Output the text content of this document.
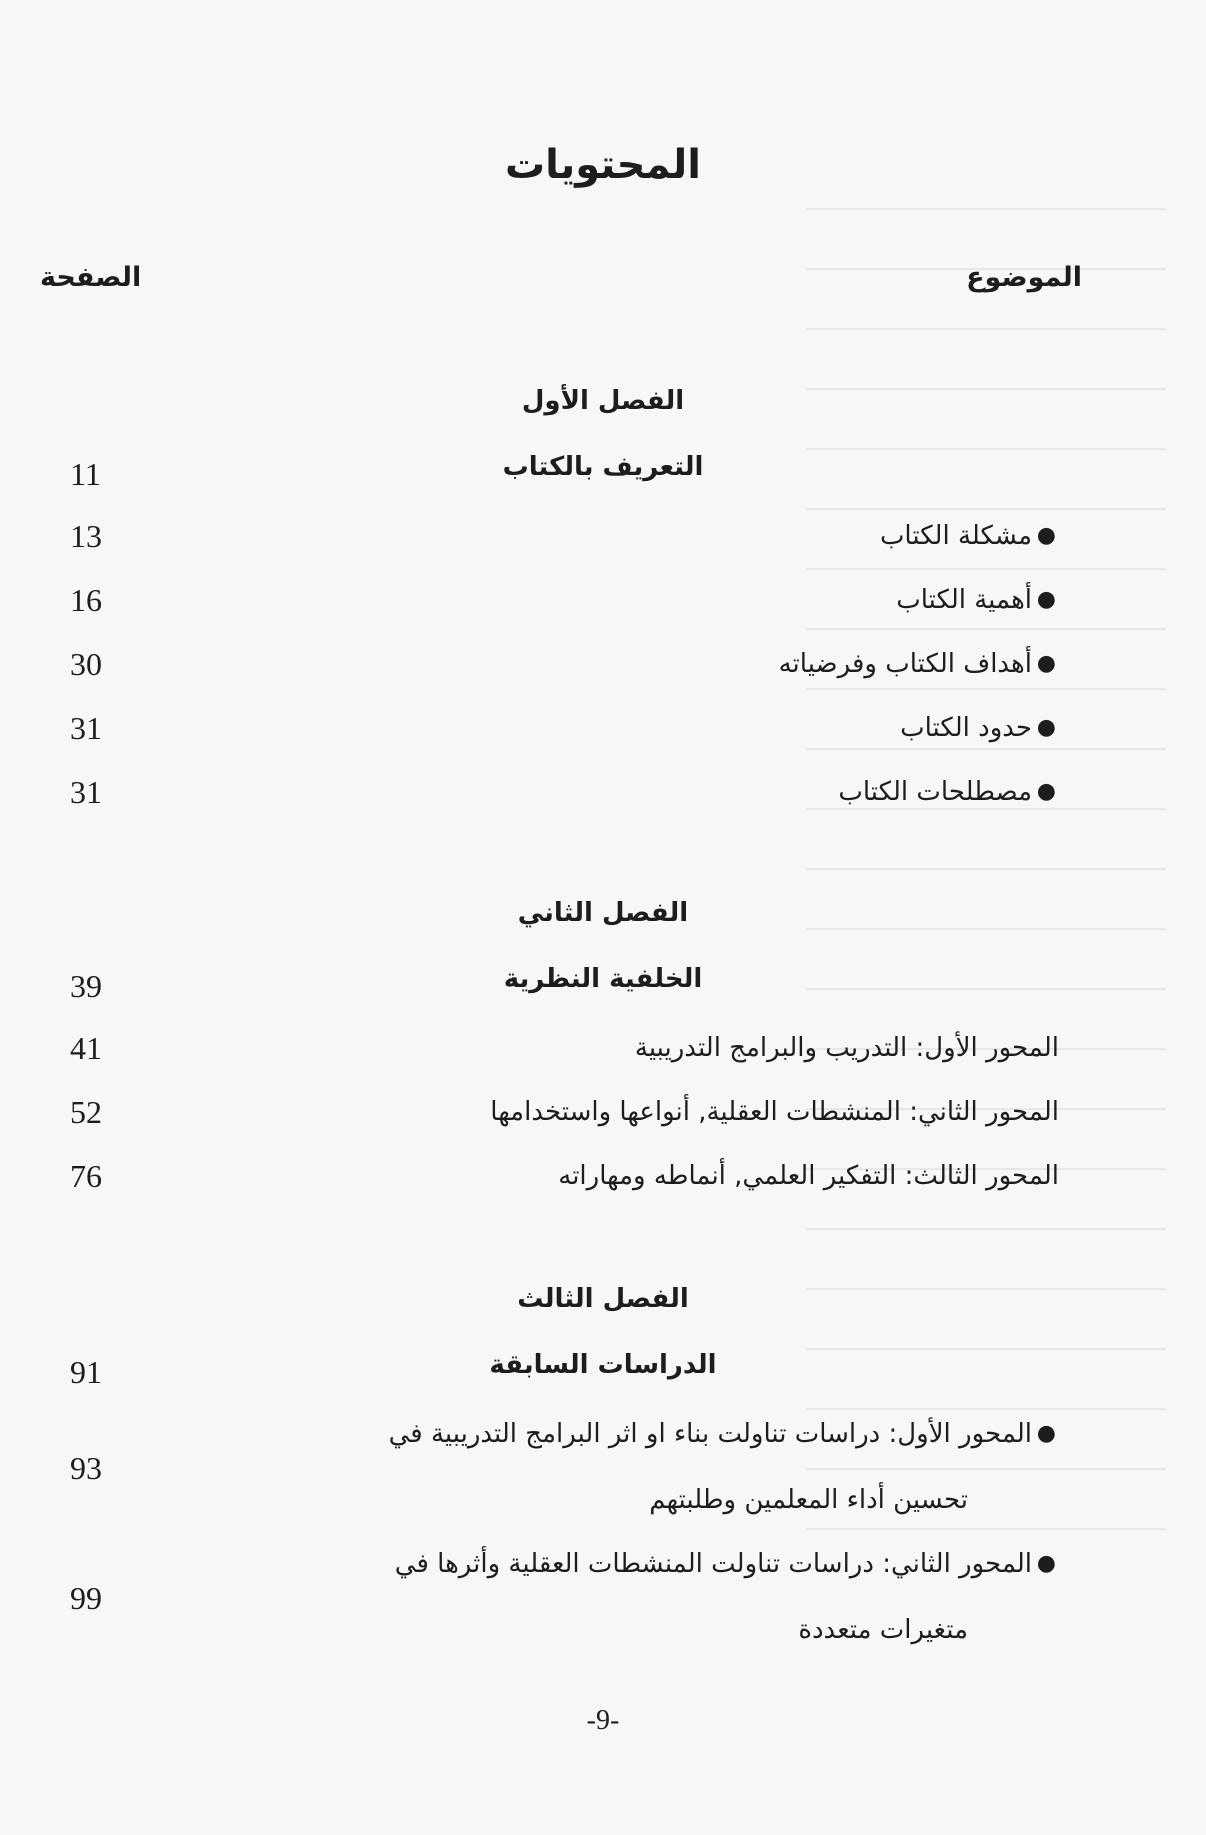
المحتويات
الموضوع
الصفحة
الفصل الأول
التعريف بالكتاب
11
●
مشكلة الكتاب
13
●
أهمية الكتاب
16
●
أهداف الكتاب وفرضياته
30
●
حدود الكتاب
31
●
مصطلحات الكتاب
31
الفصل الثاني
الخلفية النظرية
39
المحور الأول: التدريب والبرامج التدريبية
41
المحور الثاني: المنشطات العقلية, أنواعها واستخدامها
52
المحور الثالث: التفكير العلمي, أنماطه ومهاراته
76
الفصل الثالث
الدراسات السابقة
91
●
المحور الأول: دراسات تناولت بناء او اثر البرامج التدريبية في
تحسين أداء المعلمين وطلبتهم
93
●
المحور الثاني: دراسات تناولت المنشطات العقلية وأثرها في
متغيرات متعددة
99
-9-
